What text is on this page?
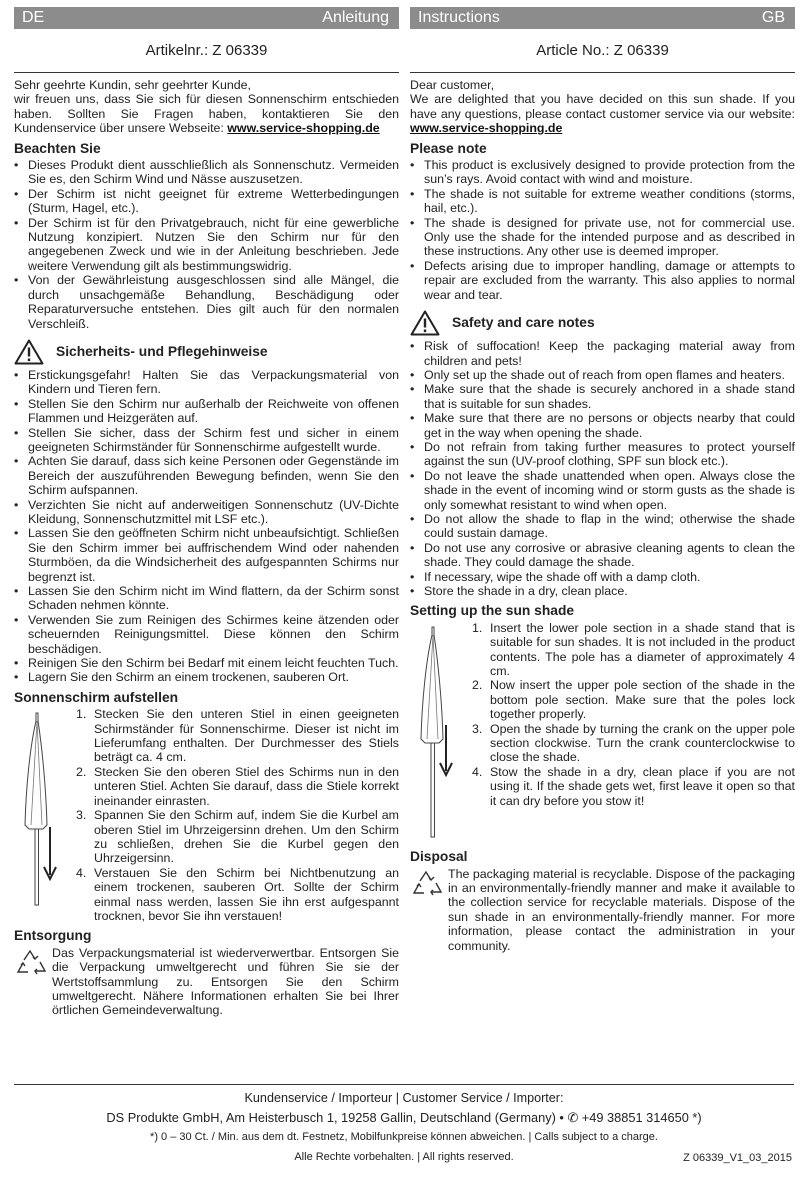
DE	Anleitung
Artikelnr.: Z 06339

Sehr geehrte Kundin, sehr geehrter Kunde,

wir freuen uns, dass Sie sich für diesen Sonnenschirm entschieden haben. Sollten Sie Fragen haben, kontaktieren Sie den Kundenservice über unsere Webseite: www.service-shopping.de

Beachten Sie
• Dieses Produkt dient ausschließlich als Sonnenschutz. Vermeiden Sie es, den Schirm Wind und Nässe auszusetzen.
• Der Schirm ist nicht geeignet für extreme Wetterbedingungen (Sturm, Hagel, etc.).
• Der Schirm ist für den Privatgebrauch, nicht für eine gewerbliche Nutzung konzipiert. Nutzen Sie den Schirm nur für den angegebenen Zweck und wie in der Anleitung beschrieben. Jede weitere Verwendung gilt als bestimmungswidrig.
• Von der Gewährleistung ausgeschlossen sind alle Mängel, die durch unsachgemäße Behandlung, Beschädigung oder Reparaturversuche entstehen. Dies gilt auch für den normalen Verschleiß.
Sicherheits- und Pflegehinweise
• Erstickungsgefahr! Halten Sie das Verpackungsmaterial von Kindern und Tieren fern.
• Stellen Sie den Schirm nur außerhalb der Reichweite von offenen Flammen und Heizgeräten auf.
• Stellen Sie sicher, dass der Schirm fest und sicher in einem geeigneten Schirmständer für Sonnenschirme aufgestellt wurde.
• Achten Sie darauf, dass sich keine Personen oder Gegenstände im Bereich der auszuführenden Bewegung befinden, wenn Sie den Schirm aufspannen.
• Verzichten Sie nicht auf anderweitigen Sonnenschutz (UV-Dichte Kleidung, Sonnenschutzmittel mit LSF etc.).
• Lassen Sie den geöffneten Schirm nicht unbeaufsichtigt. Schließen Sie den Schirm immer bei auffrischendem Wind oder nahenden Sturmböen, da die Windsicherheit des aufgespannten Schirms nur begrenzt ist.
• Lassen Sie den Schirm nicht im Wind flattern, da der Schirm sonst Schaden nehmen könnte.
• Verwenden Sie zum Reinigen des Schirmes keine ätzenden oder scheuernden Reinigungsmittel. Diese können den Schirm beschädigen.
• Reinigen Sie den Schirm bei Bedarf mit einem leicht feuchten Tuch.
• Lagern Sie den Schirm an einem trockenen, sauberen Ort.
Sonnenschirm aufstellen
1. Stecken Sie den unteren Stiel in einen geeigneten Schirmständer für Sonnenschirme. Dieser ist nicht im Lieferumfang enthalten. Der Durchmesser des Stiels beträgt ca. 4 cm.
2. Stecken Sie den oberen Stiel des Schirms nun in den unteren Stiel. Achten Sie darauf, dass die Stiele korrekt ineinander einrasten.
3. Spannen Sie den Schirm auf, indem Sie die Kurbel am oberen Stiel im Uhrzeigersinn drehen. Um den Schirm zu schließen, drehen Sie die Kurbel gegen den Uhrzeigersinn.
4. Verstauen Sie den Schirm bei Nichtbenutzung an einem trockenen, sauberen Ort. Sollte der Schirm einmal nass werden, lassen Sie ihn erst aufgespannt trocknen, bevor Sie ihn verstauen!
Entsorgung

Das Verpackungsmaterial ist wiederverwertbar. Entsorgen Sie die Verpackung umweltgerecht und führen Sie sie der Wertstoffsammlung zu. Entsorgen Sie den Schirm umweltgerecht. Nähere Informationen erhalten Sie bei Ihrer örtlichen Gemeindeverwaltung.

Instructions	GB
Article No.: Z 06339

Dear customer,

We are delighted that you have decided on this sun shade. If you have any questions, please contact customer service via our website: www.service-shopping.de

Please note
• This product is exclusively designed to provide protection from the sun’s rays. Avoid contact with wind and moisture.
• The shade is not suitable for extreme weather conditions (storms, hail, etc.).
• The shade is designed for private use, not for commercial use. Only use the shade for the intended purpose and as described in these instructions. Any other use is deemed improper.
• Defects arising due to improper handling, damage or attempts to repair are excluded from the warranty. This also applies to normal wear and tear.
Safety and care notes
• Risk of suffocation! Keep the packaging material away from children and pets!
• Only set up the shade out of reach from open flames and heaters.
• Make sure that the shade is securely anchored in a shade stand that is suitable for sun shades.
• Make sure that there are no persons or objects nearby that could get in the way when opening the shade.
• Do not refrain from taking further measures to protect yourself against the sun (UV-proof clothing, SPF sun block etc.).
• Do not leave the shade unattended when open. Always close the shade in the event of incoming wind or storm gusts as the shade is only somewhat resistant to wind when open.
• Do not allow the shade to flap in the wind; otherwise the shade could sustain damage.
• Do not use any corrosive or abrasive cleaning agents to clean the shade. They could damage the shade.
• If necessary, wipe the shade off with a damp cloth.
• Store the shade in a dry, clean place.
Setting up the sun shade
1. Insert the lower pole section in a shade stand that is suitable for sun shades. It is not included in the product contents. The pole has a diameter of approximately 4 cm.
2. Now insert the upper pole section of the shade in the bottom pole section. Make sure that the poles lock together properly.
3. Open the shade by turning the crank on the upper pole section clockwise. Turn the crank counterclockwise to close the shade.
4. Stow the shade in a dry, clean place if you are not using it. If the shade gets wet, first leave it open so that it can dry before you stow it!
Disposal

The packaging material is recyclable. Dispose of the packaging in an environmentally-friendly manner and make it available to the collection service for recyclable materials. Dispose of the sun shade in an environmentally-friendly manner. For more information, please contact the administration in your community.

Kundenservice / Importeur | Customer Service / Importer:
DS Produkte GmbH, Am Heisterbusch 1, 19258 Gallin, Deutschland (Germany) • ✆ +49 38851 314650 *)
*) 0 – 30 Ct. / Min. aus dem dt. Festnetz, Mobilfunkpreise können abweichen. | Calls subject to a charge.
Alle Rechte vorbehalten. | All rights reserved.	Z 06339_V1_03_2015
